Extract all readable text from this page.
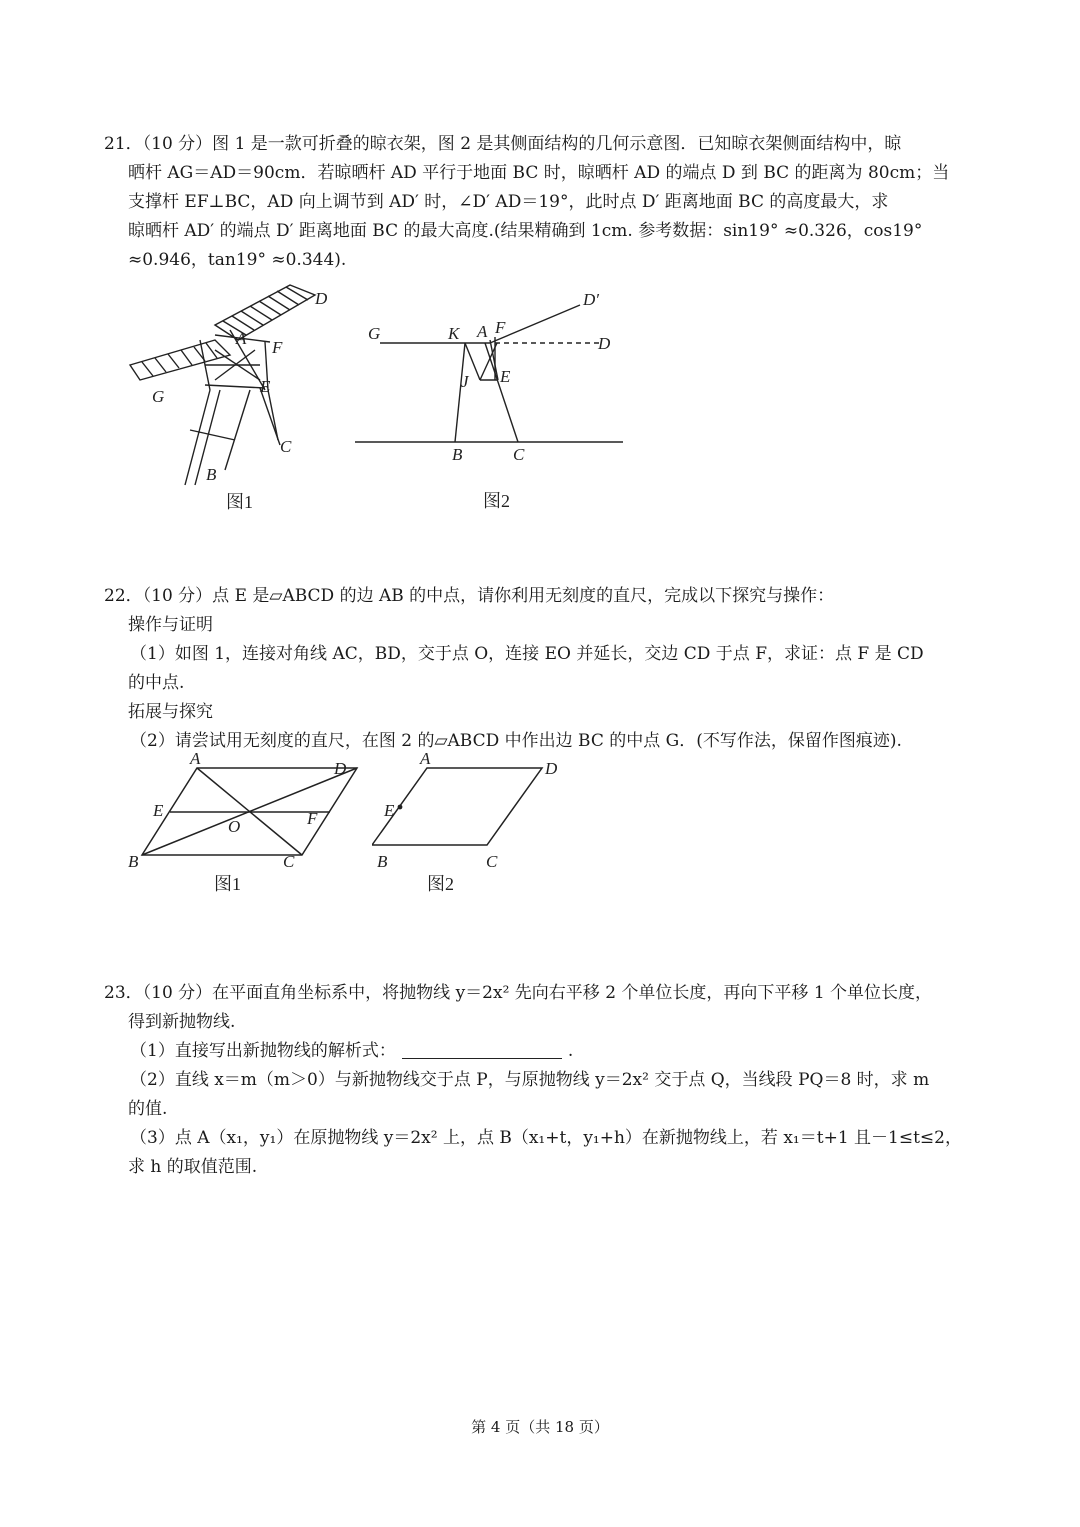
21．（10 分）图 1 是一款可折叠的晾衣架，图 2 是其侧面结构的几何示意图．已知晾衣架侧面结构中，晾
晒杆 AG＝AD＝90cm．若晾晒杆 AD 平行于地面 BC 时，晾晒杆 AD 的端点 D 到 BC 的距离为 80cm；当
支撑杆 EF⊥BC，AD 向上调节到 AD′ 时，∠D′ AD＝19°，此时点 D′ 距离地面 BC 的高度最大，求
晾晒杆 AD′ 的端点 D′ 距离地面 BC 的最大高度.(结果精确到 1cm. 参考数据：sin19° ≈0.326，cos19°
≈0.946，tan19° ≈0.344).
D
A F
E
G
C
B
图1
G	K A F
D′
D
J E
B	C
图2
22．（10 分）点 E 是▱ABCD 的边 AB 的中点，请你利用无刻度的直尺，完成以下探究与操作：
操作与证明
（1）如图 1，连接对角线 AC，BD，交于点 O，连接 EO 并延长，交边 CD 于点 F，求证：点 F 是 CD
的中点.
拓展与探究
（2）请尝试用无刻度的直尺，在图 2 的▱ABCD 中作出边 BC 的中点 G．(不写作法，保留作图痕迹).
A
D
E
O	F
B	C
图1
A
D
E
B	C
图2
23．（10 分）在平面直角坐标系中，将抛物线 y＝2x² 先向右平移 2 个单位长度，再向下平移 1 个单位长度，
得到新抛物线.
（1）直接写出新抛物线的解析式：	.
（2）直线 x＝m（m＞0）与新抛物线交于点 P，与原抛物线 y＝2x² 交于点 Q，当线段 PQ＝8 时，求 m
的值.
（3）点 A（x₁，y₁）在原抛物线 y＝2x² 上，点 B（x₁+t，y₁+h）在新抛物线上，若 x₁＝t+1 且－1≤t≤2，
求 h 的取值范围.
第 4 页（共 18 页）
